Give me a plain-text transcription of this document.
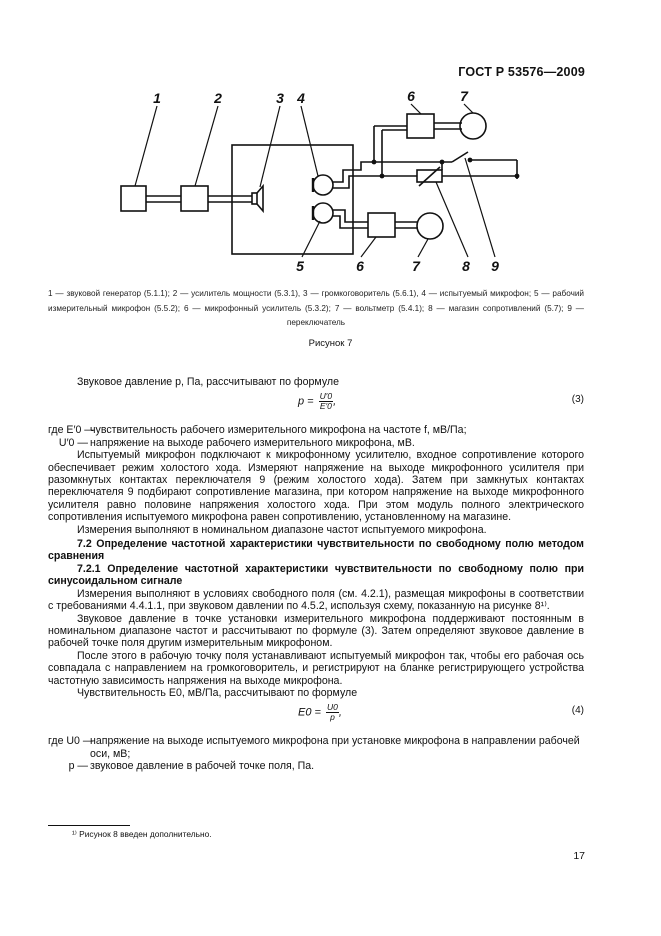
ГОСТ Р 53576—2009
1	2	3 4	6	7
5	6	7	8 9
1 — звуковой генератор (5.1.1); 2 — усилитель мощности (5.3.1), 3 — громкоговоритель (5.6.1), 4 — испытуемый микрофон; 5 — рабочий измерительный микрофон (5.5.2); 6 — микрофонный усилитель (5.3.2); 7 — вольтметр (5.4.1); 8 — магазин сопротивлений (5.7); 9 — переключатель
Рисунок 7

Звуковое давление p, Па, рассчитывают по формуле

$p = \frac{U'0}{E'0}$ ,	(3)
где E′0 —
чувствительность рабочего измерительного микрофона на частоте f, мВ/Па;
U′0 — напряжение на выходе рабочего измерительного микрофона, мВ.

Испытуемый микрофон подключают к микрофонному усилителю, входное сопротивление которого обеспечивает режим холостого хода. Измеряют напряжение на выходе микрофонного усилителя при разомкнутых контактах переключателя 9 (режим холостого хода). Затем при замкнутых контактах переключателя 9 подбирают сопротивление магазина, при котором напряжение на выходе микрофонного усилителя равно половине напряжения холостого хода. При этом модуль полного электрического сопротивления испытуемого микрофона равен сопротивлению, установленному на магазине.

Измерения выполняют в номинальном диапазоне частот испытуемого микрофона.

7.2 Определение частотной характеристики чувствительности по свободному полю методом сравнения

7.2.1 Определение частотной характеристики чувствительности по свободному полю при синусоидальном сигнале

Измерения выполняют в условиях свободного поля (см. 4.2.1), размещая микрофоны в соответствии с требованиями 4.4.1.1, при звуковом давлении по 4.5.2, используя схему, показанную на рисунке 8¹⁾.

Звуковое давление в точке установки измерительного микрофона поддерживают постоянным в номинальном диапазоне частот и рассчитывают по формуле (3). Затем определяют звуковое давление в рабочей точке поля другим измерительным микрофоном.

После этого в рабочую точку поля устанавливают испытуемый микрофон так, чтобы его рабочая ось совпадала с направлением на громкоговоритель, и регистрируют на бланке регистрирующего устройства частотную зависимость напряжения на выходе микрофона.

Чувствительность E0, мВ/Па, рассчитывают по формуле

$E0 = \frac{U0}{p}$ ,	(4)
где U0 —
напряжение на выходе испытуемого микрофона при установке микрофона в направлении рабочей оси, мВ;
p — звуковое давление в рабочей точке поля, Па.
¹⁾ Рисунок 8 введен дополнительно.
17
